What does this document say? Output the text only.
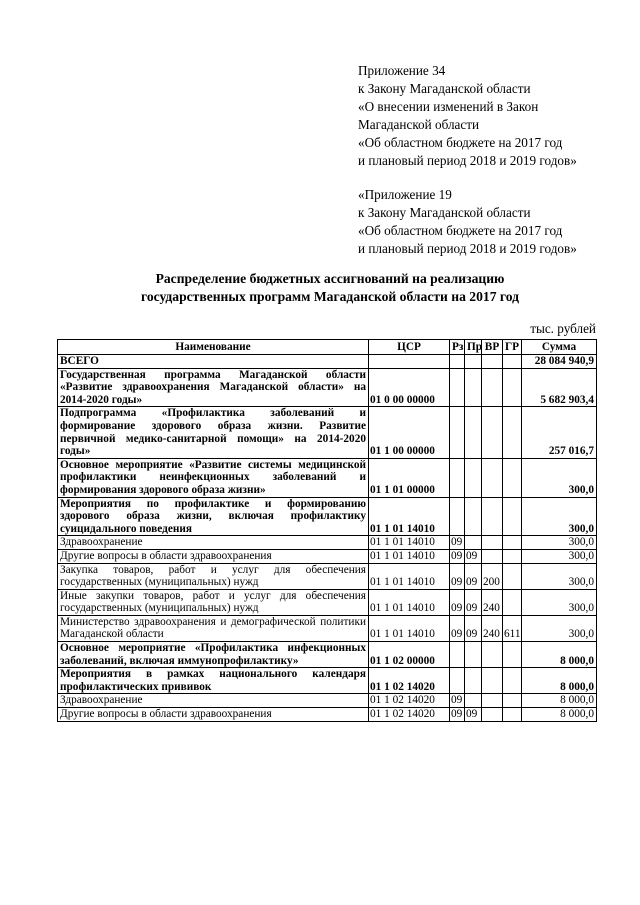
Приложение 34
к Закону Магаданской области
«О внесении изменений в Закон
Магаданской области
«Об областном бюджете на 2017 год
и плановый период 2018 и 2019 годов»
«Приложение 19
к Закону Магаданской области
«Об областном бюджете на 2017 год
и плановый период 2018 и 2019 годов»
Распределение бюджетных ассигнований на реализацию
государственных программ Магаданской области на 2017 год
тыс. рублей
Наименование	ЦСР	Рз	Пр	ВР	ГР	Сумма
ВСЕГО						28 084 940,9
Государственная программа Магаданской области «Развитие здравоохранения Магаданской области» на 2014-2020 годы»	01 0 00 00000					5 682 903,4
Подпрограмма «Профилактика заболеваний и формирование здорового образа жизни. Развитие первичной медико-санитарной помощи» на 2014-2020 годы»	01 1 00 00000					257 016,7
Основное мероприятие «Развитие системы медицинской профилактики неинфекционных заболеваний и формирования здорового образа жизни»	01 1 01 00000					300,0
Мероприятия по профилактике и формированию здорового образа жизни, включая профилактику суицидального поведения	01 1 01 14010					300,0
Здравоохранение	01 1 01 14010	09				300,0
Другие вопросы в области здравоохранения	01 1 01 14010	09	09			300,0
Закупка товаров, работ и услуг для обеспечения государственных (муниципальных) нужд	01 1 01 14010	09	09	200		300,0
Иные закупки товаров, работ и услуг для обеспечения государственных (муниципальных) нужд	01 1 01 14010	09	09	240		300,0
Министерство здравоохранения и демографической политики Магаданской области	01 1 01 14010	09	09	240	611	300,0
Основное мероприятие «Профилактика инфекционных заболеваний, включая иммунопрофилактику»	01 1 02 00000					8 000,0
Мероприятия в рамках национального календаря профилактических прививок	01 1 02 14020					8 000,0
Здравоохранение	01 1 02 14020	09				8 000,0
Другие вопросы в области здравоохранения	01 1 02 14020	09	09			8 000,0
